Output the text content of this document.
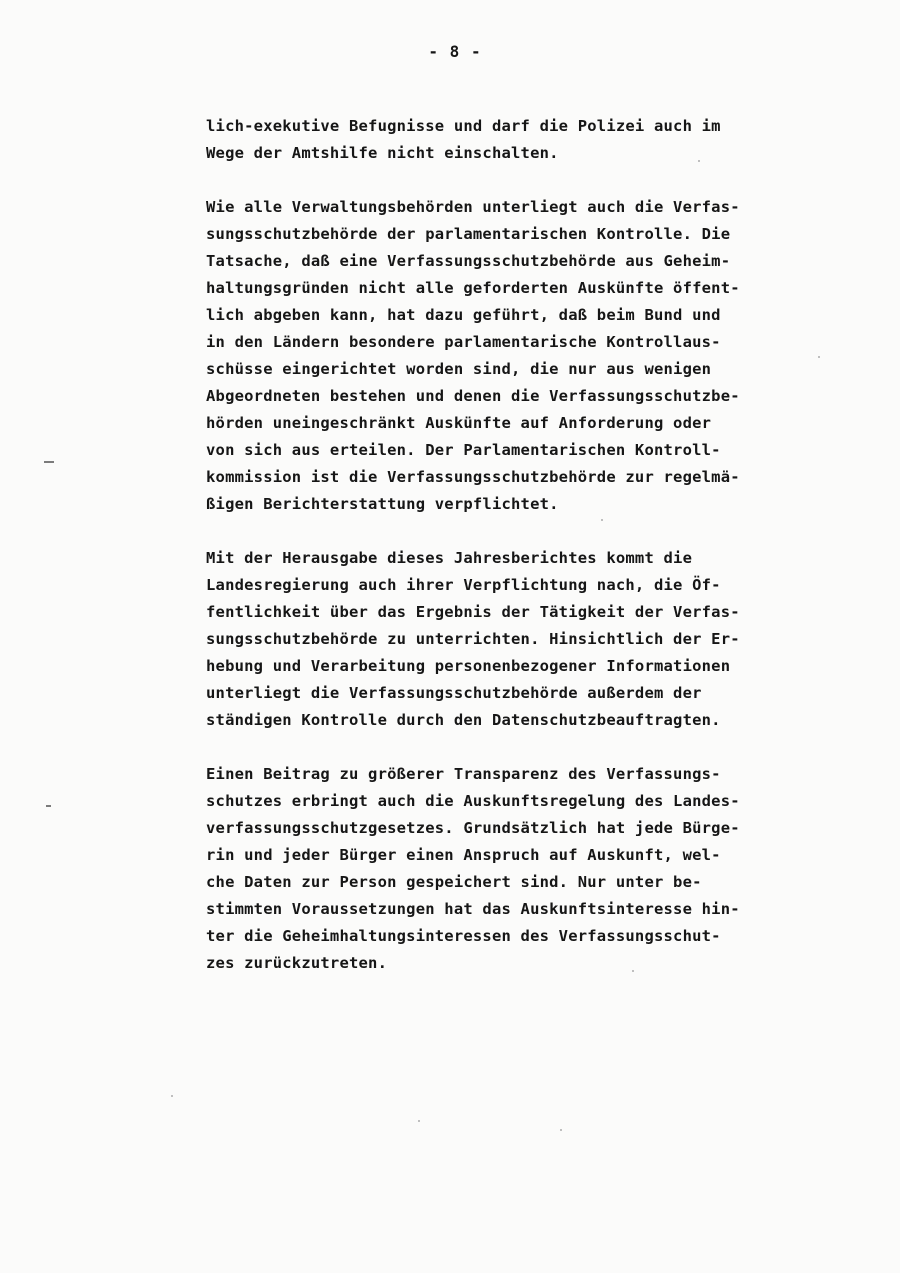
- 8 -
lich-exekutive Befugnisse und darf die Polizei auch im
Wege der Amtshilfe nicht einschalten.
Wie alle Verwaltungsbehörden unterliegt auch die Verfas-
sungsschutzbehörde der parlamentarischen Kontrolle. Die
Tatsache, daß eine Verfassungsschutzbehörde aus Geheim-
haltungsgründen nicht alle geforderten Auskünfte öffent-
lich abgeben kann, hat dazu geführt, daß beim Bund und
in den Ländern besondere parlamentarische Kontrollaus-
schüsse eingerichtet worden sind, die nur aus wenigen
Abgeordneten bestehen und denen die Verfassungsschutzbe-
hörden uneingeschränkt Auskünfte auf Anforderung oder
von sich aus erteilen. Der Parlamentarischen Kontroll-
kommission ist die Verfassungsschutzbehörde zur regelmä-
ßigen Berichterstattung verpflichtet.
Mit der Herausgabe dieses Jahresberichtes kommt die
Landesregierung auch ihrer Verpflichtung nach, die Öf-
fentlichkeit über das Ergebnis der Tätigkeit der Verfas-
sungsschutzbehörde zu unterrichten. Hinsichtlich der Er-
hebung und Verarbeitung personenbezogener Informationen
unterliegt die Verfassungsschutzbehörde außerdem der
ständigen Kontrolle durch den Datenschutzbeauftragten.
Einen Beitrag zu größerer Transparenz des Verfassungs-
schutzes erbringt auch die Auskunftsregelung des Landes-
verfassungsschutzgesetzes. Grundsätzlich hat jede Bürge-
rin und jeder Bürger einen Anspruch auf Auskunft, wel-
che Daten zur Person gespeichert sind. Nur unter be-
stimmten Voraussetzungen hat das Auskunftsinteresse hin-
ter die Geheimhaltungsinteressen des Verfassungsschut-
zes zurückzutreten.
